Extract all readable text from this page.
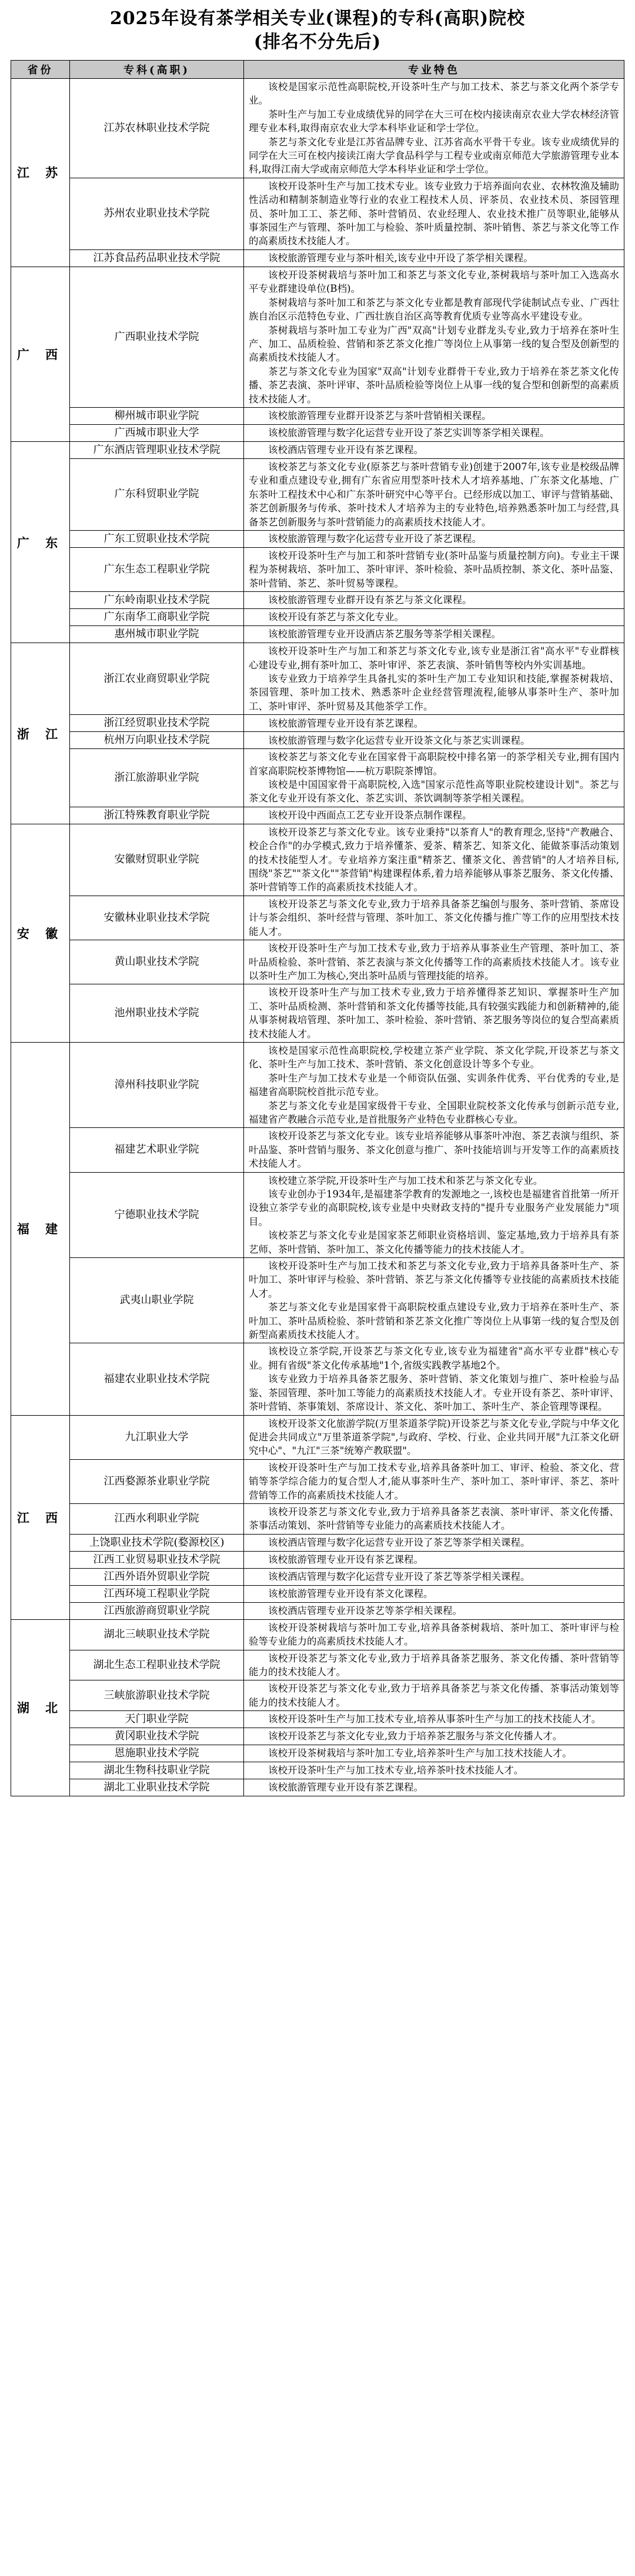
2025年设有茶学相关专业(课程)的专科(高职)院校
(排名不分先后)
省份	专科(高职)	专业特色
江 苏	江苏农林职业技术学院	该校是国家示范性高职院校,开设茶叶生产与加工技术、茶艺与茶文化两个茶学专业。

茶叶生产与加工专业成绩优异的同学在大三可在校内接读南京农业大学农林经济管理专业本科,取得南京农业大学本科毕业证和学士学位。

茶艺与茶文化专业是江苏省品牌专业、江苏省高水平骨干专业。该专业成绩优异的同学在大三可在校内接读江南大学食品科学与工程专业或南京师范大学旅游管理专业本科,取得江南大学或南京师范大学本科毕业证和学士学位。

	苏州农业职业技术学院	该校开设茶叶生产与加工技术专业。该专业致力于培养面向农业、农林牧渔及辅助性活动和精制茶制造业等行业的农业工程技术人员、评茶员、农业技术员、茶园管理员、茶叶加工工、茶艺师、茶叶营销员、农业经理人、农业技术推广员等职业,能够从事茶园生产与管理、茶叶加工与检验、茶叶质量控制、茶叶销售、茶艺与茶文化等工作的高素质技术技能人才。

	江苏食品药品职业技术学院	该校旅游管理专业与茶叶相关,该专业中开设了茶学相关课程。

广 西	广西职业技术学院	该校开设茶树栽培与茶叶加工和茶艺与茶文化专业,茶树栽培与茶叶加工入选高水平专业群建设单位(B档)。

茶树栽培与茶叶加工和茶艺与茶文化专业都是教育部现代学徒制试点专业、广西壮族自治区示范特色专业、广西壮族自治区高等教育优质专业等高水平建设专业。

茶树栽培与茶叶加工专业为广西"双高"计划专业群龙头专业,致力于培养在茶叶生产、加工、品质检验、营销和茶艺茶文化推广等岗位上从事第一线的复合型及创新型的高素质技术技能人才。

茶艺与茶文化专业为国家"双高"计划专业群骨干专业,致力于培养在茶艺茶文化传播、茶艺表演、茶叶评审、茶叶品质检验等岗位上从事一线的复合型和创新型的高素质技术技能人才。

	柳州城市职业学院	该校旅游管理专业群开设茶艺与茶叶营销相关课程。

	广西城市职业大学	该校旅游管理与数字化运营专业开设了茶艺实训等茶学相关课程。

广 东	广东酒店管理职业技术学院	该校酒店管理专业开设有茶艺课程。

	广东科贸职业学院	该校茶艺与茶文化专业(原茶艺与茶叶营销专业)创建于2007年,该专业是校级品牌专业和重点建设专业,拥有广东省应用型茶叶技术人才培养基地、广东茶文化基地、广东茶叶工程技术中心和广东茶叶研究中心等平台。已经形成以加工、审评与营销基础、茶艺创新服务与传承、茶叶技术人才培养为主的专业特色,培养熟悉茶叶加工与经营,具备茶艺创新服务与茶叶营销能力的高素质技术技能人才。

	广东工贸职业技术学院	该校旅游管理与数字化运营专业开设了茶艺课程。

	广东生态工程职业学院	该校开设茶叶生产与加工和茶叶营销专业(茶叶品鉴与质量控制方向)。专业主干课程为茶树栽培、茶叶加工、茶叶审评、茶叶检验、茶叶品质控制、茶文化、茶叶品鉴、茶叶营销、茶艺、茶叶贸易等课程。

	广东岭南职业技术学院	该校旅游管理专业群开设有茶艺与茶文化课程。

	广东南华工商职业学院	该校开设有茶艺与茶文化专业。

	惠州城市职业学院	该校旅游管理专业开设酒店茶艺服务等茶学相关课程。

浙 江	浙江农业商贸职业学院	该校开设茶叶生产与加工和茶艺与茶文化专业,该专业是浙江省"高水平"专业群核心建设专业,拥有茶叶加工、茶叶审评、茶艺表演、茶叶销售等校内外实训基地。

该专业致力于培养学生具备扎实的茶叶生产加工专业知识和技能,掌握茶树栽培、茶园管理、茶叶加工技术、熟悉茶叶企业经营管理流程,能够从事茶叶生产、茶叶加工、茶叶审评、茶叶贸易及其他茶学工作。

	浙江经贸职业技术学院	该校旅游管理专业开设有茶艺课程。

	杭州万向职业技术学院	该校旅游管理与数字化运营专业开设茶文化与茶艺实训课程。

	浙江旅游职业学院	该校茶艺与茶文化专业在国家骨干高职院校中排名第一的茶学相关专业,拥有国内首家高职院校茶博物馆——杭万职院茶博馆。

该校是中国国家骨干高职院校,入选"国家示范性高等职业院校建设计划"。茶艺与茶文化专业开设有茶文化、茶艺实训、茶饮调制等茶学相关课程。

	浙江特殊教育职业学院	该校开设中西面点工艺专业开设茶点制作课程。

安 徽	安徽财贸职业学院	该校开设茶艺与茶文化专业。该专业秉持"以茶育人"的教育理念,坚持"产教融合、校企合作"的办学模式,致力于培养懂茶、爱茶、精茶艺、知茶文化、能做茶事活动策划的技术技能型人才。专业培养方案注重"精茶艺、懂茶文化、善营销"的人才培养目标,围绕"茶艺""茶文化""茶营销"构建课程体系,着力培养能够从事茶艺服务、茶文化传播、茶叶营销等工作的高素质技术技能人才。

	安徽林业职业技术学院	该校开设茶艺与茶文化专业,致力于培养具备茶艺编创与服务、茶叶营销、茶席设计与茶会组织、茶叶经营与管理、茶叶加工、茶文化传播与推广等工作的应用型技术技能人才。

	黄山职业技术学院	该校开设茶叶生产与加工技术专业,致力于培养从事茶业生产管理、茶叶加工、茶叶品质检验、茶叶营销、茶艺表演与茶文化传播等工作的高素质技术技能人才。该专业以茶叶生产加工为核心,突出茶叶品质与管理技能的培养。

	池州职业技术学院	该校开设茶叶生产与加工技术专业,致力于培养懂得茶艺知识、掌握茶叶生产加工、茶叶品质检测、茶叶营销和茶文化传播等技能,具有较强实践能力和创新精神的,能从事茶树栽培管理、茶叶加工、茶叶检验、茶叶营销、茶艺服务等岗位的复合型高素质技术技能人才。

福 建	漳州科技职业学院	该校是国家示范性高职院校,学校建立茶产业学院、茶文化学院,开设茶艺与茶文化、茶叶生产与加工技术、茶叶营销、茶文化创意设计等多个专业。

茶叶生产与加工技术专业是一个师资队伍强、实训条件优秀、平台优秀的专业,是福建省高职院校首批示范专业。

茶艺与茶文化专业是国家级骨干专业、全国职业院校茶文化传承与创新示范专业,福建省产教融合示范专业,是首批服务产业特色专业群核心专业。

	福建艺术职业学院	该校开设茶艺与茶文化专业。该专业培养能够从事茶叶冲泡、茶艺表演与组织、茶叶品鉴、茶叶营销与服务、茶文化创意与推广、茶叶技能培训与开发等工作的高素质技术技能人才。

	宁德职业技术学院	该校建立茶学院,开设茶叶生产与加工技术和茶艺与茶文化专业。

该专业创办于1934年,是福建茶学教育的发源地之一,该校也是福建省首批第一所开设独立茶学专业的高职院校,该专业是中央财政支持的"提升专业服务产业发展能力"项目。

该校茶艺与茶文化专业是国家茶艺师职业资格培训、鉴定基地,致力于培养具有茶艺师、茶叶营销、茶叶加工、茶文化传播等能力的技术技能人才。

	武夷山职业学院	该校开设茶叶生产与加工技术和茶艺与茶文化专业,致力于培养具备茶叶生产、茶叶加工、茶叶审评与检验、茶叶营销、茶艺与茶文化传播等专业技能的高素质技术技能人才。

茶艺与茶文化专业是国家骨干高职院校重点建设专业,致力于培养在茶叶生产、茶叶加工、茶叶品质检验、茶叶营销和茶艺茶文化推广等岗位上从事第一线的复合型及创新型高素质技术技能人才。

	福建农业职业技术学院	该校设立茶学院,开设茶艺与茶文化专业,该专业为福建省"高水平专业群"核心专业。拥有省级"茶文化传承基地"1个,省级实践教学基地2个。

该专业致力于培养具备茶艺服务、茶叶营销、茶文化策划与推广、茶叶检验与品鉴、茶园管理、茶叶加工等能力的高素质技术技能人才。专业开设有茶艺、茶叶审评、茶叶营销、茶事策划、茶席设计、茶文化、茶叶加工、茶叶生产、茶企管理等课程。

江 西	九江职业大学	该校开设茶文化旅游学院(万里茶道茶学院)开设茶艺与茶文化专业,学院与中华文化促进会共同成立"万里茶道茶学院",与政府、学校、行业、企业共同开展"九江茶文化研究中心"、"九江"三茶"统筹产教联盟"。

	江西婺源茶业职业学院	该校开设茶叶生产与加工技术专业,培养具备茶叶加工、审评、检验、茶文化、营销等茶学综合能力的复合型人才,能从事茶叶生产、茶叶加工、茶叶审评、茶艺、茶叶营销等工作的高素质技术技能人才。

	江西水利职业学院	该校开设茶艺与茶文化专业,致力于培养具备茶艺表演、茶叶审评、茶文化传播、茶事活动策划、茶叶营销等专业能力的高素质技术技能人才。

	上饶职业技术学院(婺源校区)	该校酒店管理与数字化运营专业开设了茶艺等茶学相关课程。

	江西工业贸易职业技术学院	该校旅游管理专业开设有茶艺课程。

	江西外语外贸职业学院	该校酒店管理与数字化运营专业开设了茶艺等茶学相关课程。

	江西环境工程职业学院	该校旅游管理专业开设有茶文化课程。

	江西旅游商贸职业学院	该校酒店管理专业开设茶艺等茶学相关课程。

湖 北	湖北三峡职业技术学院	该校开设茶树栽培与茶叶加工专业,培养具备茶树栽培、茶叶加工、茶叶审评与检验等专业能力的高素质技术技能人才。

	湖北生态工程职业技术学院	该校开设茶艺与茶文化专业,致力于培养具备茶艺服务、茶文化传播、茶叶营销等能力的技术技能人才。

	三峡旅游职业技术学院	该校开设茶艺与茶文化专业,致力于培养具备茶艺与茶文化传播、茶事活动策划等能力的技术技能人才。

	天门职业学院	该校开设茶叶生产与加工技术专业,培养从事茶叶生产与加工的技术技能人才。

	黄冈职业技术学院	该校开设茶艺与茶文化专业,致力于培养茶艺服务与茶文化传播人才。

	恩施职业技术学院	该校开设茶树栽培与茶叶加工专业,培养茶叶生产与加工技术技能人才。

	湖北生物科技职业学院	该校开设茶叶生产与加工技术专业,培养茶叶技术技能人才。

	湖北工业职业技术学院	该校旅游管理专业开设有茶艺课程。
